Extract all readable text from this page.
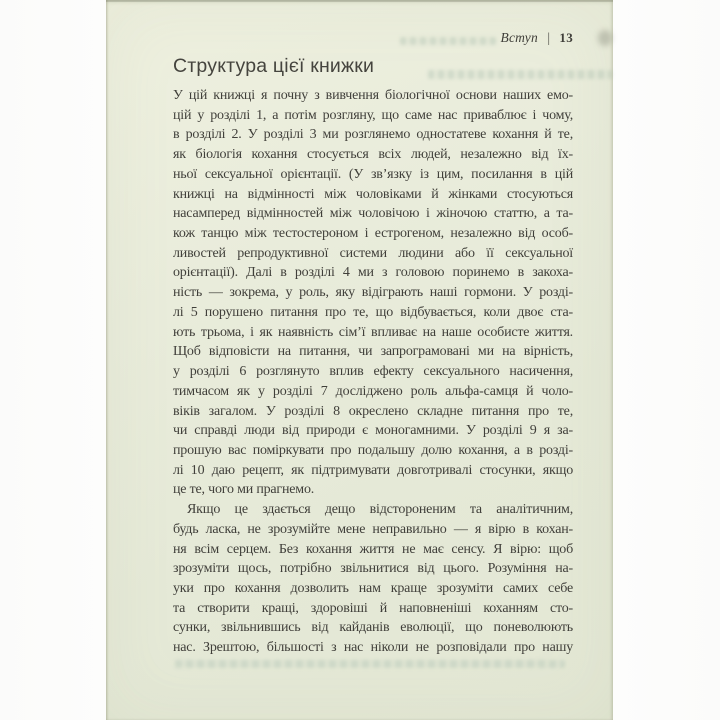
Вступ | 13
Структура цієї книжки
У цій книжці я почну з вивчення біологічної основи наших емо-
цій у розділі 1, а потім розгляну, що саме нас приваблює і чому,
в розділі 2. У розділі 3 ми розглянемо одностатеве кохання й те,
як біологія кохання стосується всіх людей, незалежно від їх-
ньої сексуальної орієнтації. (У зв’язку із цим, посилання в цій
книжці на відмінності між чоловіками й жінками стосуються
насамперед відмінностей між чоловічою і жіночою статтю, а та-
кож танцю між тестостероном і естрогеном, незалежно від особ-
ливостей репродуктивної системи людини або її сексуальної
орієнтації). Далі в розділі 4 ми з головою поринемо в закоха-
ність — зокрема, у роль, яку відіграють наші гормони. У розді-
лі 5 порушено питання про те, що відбувається, коли двоє ста-
ють трьома, і як наявність сім’ї впливає на наше особисте життя.
Щоб відповісти на питання, чи запрограмовані ми на вірність,
у розділі 6 розглянуто вплив ефекту сексуального насичення,
тимчасом як у розділі 7 досліджено роль альфа-самця й чоло-
віків загалом. У розділі 8 окреслено складне питання про те,
чи справді люди від природи є моногамними. У розділі 9 я за-
прошую вас поміркувати про подальшу долю кохання, а в розді-
лі 10 даю рецепт, як підтримувати довготривалі стосунки, якщо
це те, чого ми прагнемо.
Якщо це здається дещо відстороненим та аналітичним,
будь ласка, не зрозумійте мене неправильно — я вірю в кохан-
ня всім серцем. Без кохання життя не має сенсу. Я вірю: щоб
зрозуміти щось, потрібно звільнитися від цього. Розуміння на-
уки про кохання дозволить нам краще зрозуміти самих себе
та створити кращі, здоровіші й наповненіші коханням сто-
сунки, звільнившись від кайданів еволюції, що поневолюють
нас. Зрештою, більшості з нас ніколи не розповідали про нашу
